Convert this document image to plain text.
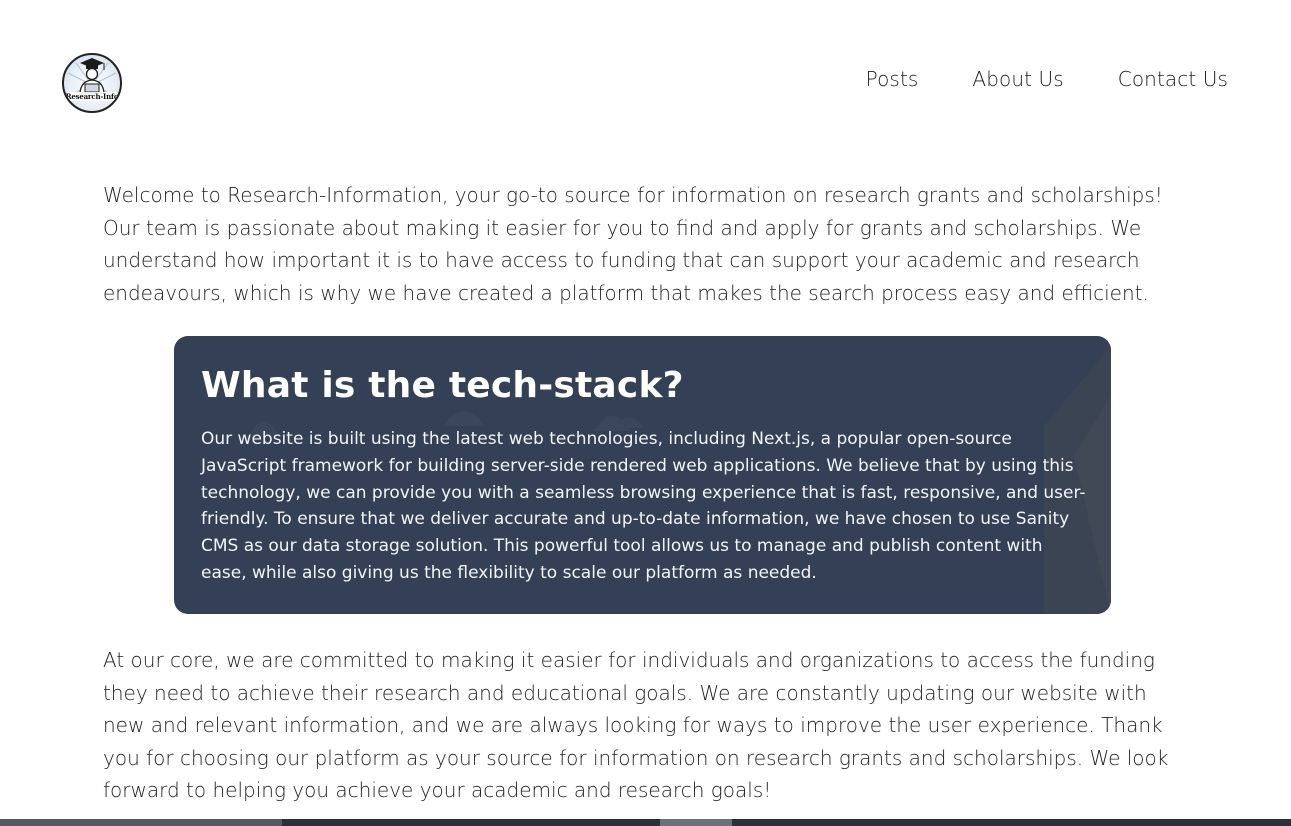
Research-Info
Posts	About Us	Contact Us

Welcome to Research-Information, your go-to source for information on research grants and scholarships! Our team is passionate about making it easier for you to find and apply for grants and scholarships. We understand how important it is to have access to funding that can support your academic and research endeavours, which is why we have created a platform that makes the search process easy and efficient.

What is the tech-stack?

Our website is built using the latest web technologies, including Next.js, a popular open-source JavaScript framework for building server-side rendered web applications. We believe that by using this technology, we can provide you with a seamless browsing experience that is fast, responsive, and user-friendly. To ensure that we deliver accurate and up-to-date information, we have chosen to use Sanity CMS as our data storage solution. This powerful tool allows us to manage and publish content with ease, while also giving us the flexibility to scale our platform as needed.

At our core, we are committed to making it easier for individuals and organizations to access the funding they need to achieve their research and educational goals. We are constantly updating our website with new and relevant information, and we are always looking for ways to improve the user experience. Thank you for choosing our platform as your source for information on research grants and scholarships. We look forward to helping you achieve your academic and research goals!
